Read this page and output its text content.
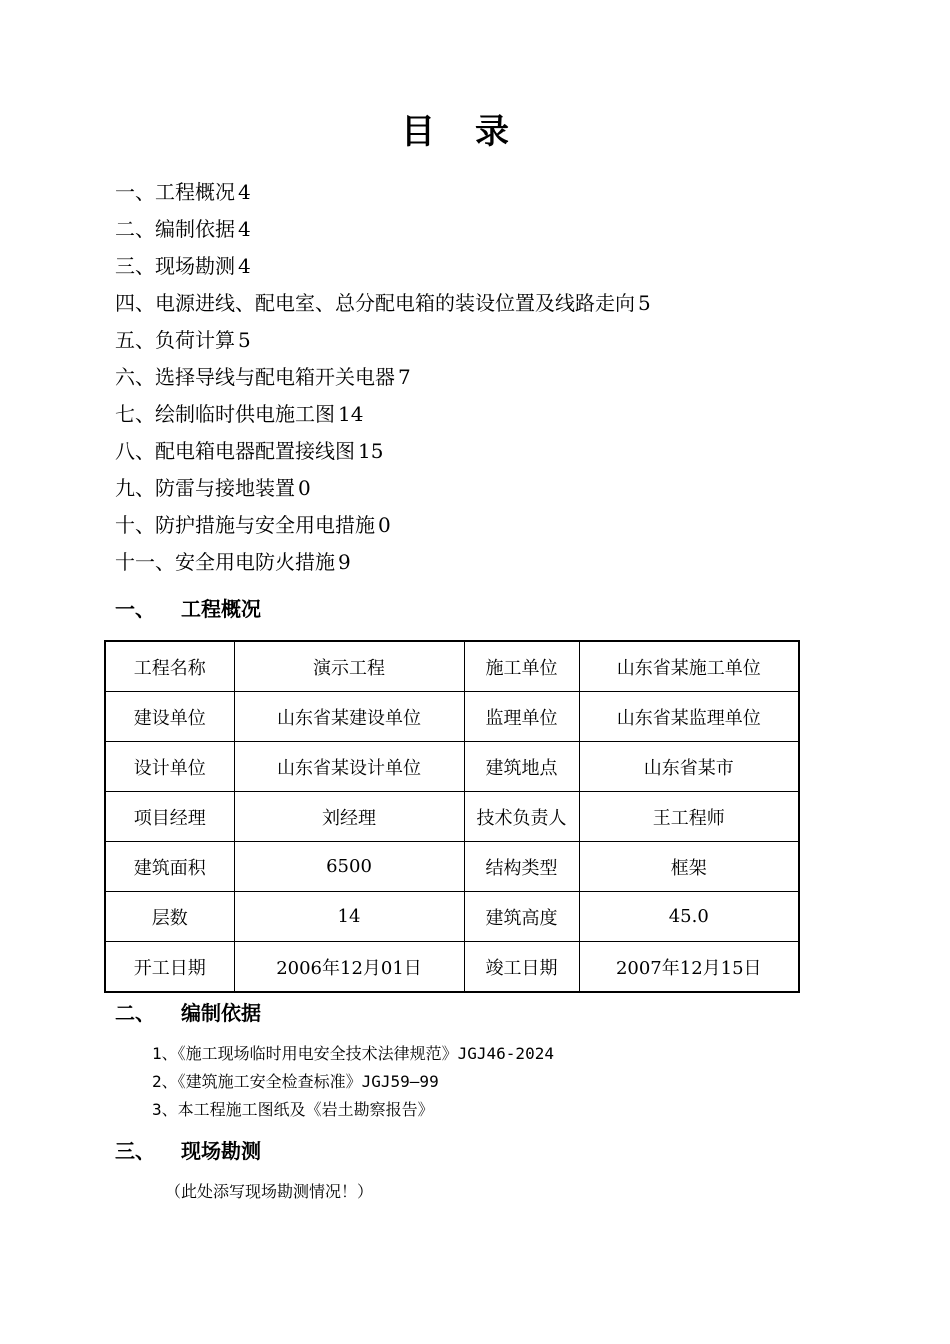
目录
一、工程概况 4
二、编制依据 4
三、现场勘测 4
四、电源进线、配电室、总分配电箱的装设位置及线路走向 5
五、负荷计算 5
六、选择导线与配电箱开关电器 7
七、绘制临时供电施工图 14
八、配电箱电器配置接线图 15
九、防雷与接地装置 0
十、防护措施与安全用电措施 0
十一、安全用电防火措施 9
一、 工程概况
工程名称	演示工程	施工单位	山东省某施工单位
建设单位	山东省某建设单位	监理单位	山东省某监理单位
设计单位	山东省某设计单位	建筑地点	山东省某市
项目经理	刘经理	技术负责人	王工程师
建筑面积	6500	结构类型	框架
层数	14	建筑高度	45.0
开工日期	2006年12月01日	竣工日期	2007年12月15日
二、 编制依据
1、《施工现场临时用电安全技术法律规范》JGJ46-2024
2、《建筑施工安全检查标准》JGJ59—99
3、本工程施工图纸及《岩土勘察报告》
三、 现场勘测
（此处添写现场勘测情况！）
